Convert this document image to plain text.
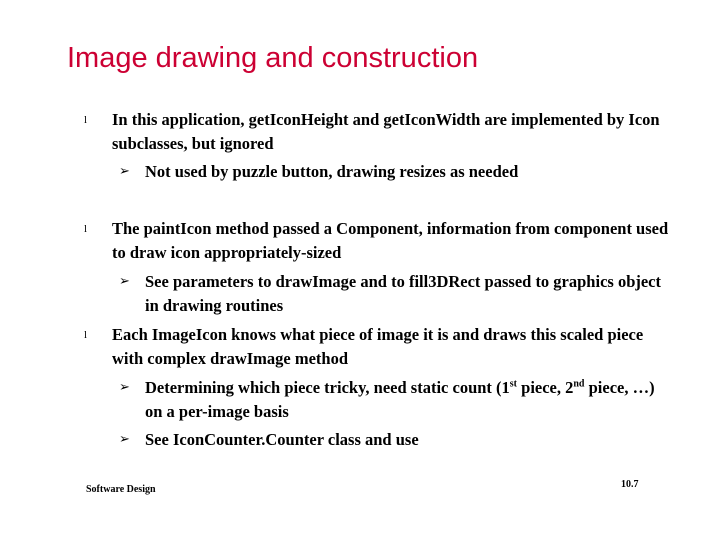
Image drawing and construction
l In this application, getIconHeight and getIconWidth are implemented by Icon subclasses, but ignored
➢ Not used by puzzle button, drawing resizes as needed
l The paintIcon method passed a Component, information from component used to draw icon appropriately-sized
➢ See parameters to drawImage and to fill3DRect passed to graphics object in drawing routines
l Each ImageIcon knows what piece of image it is and draws this scaled piece with complex drawImage method
➢ Determining which piece tricky, need static count (1st piece, 2nd piece, …) on a per-image basis
➢ See IconCounter.Counter class and use
Software Design	10.7
